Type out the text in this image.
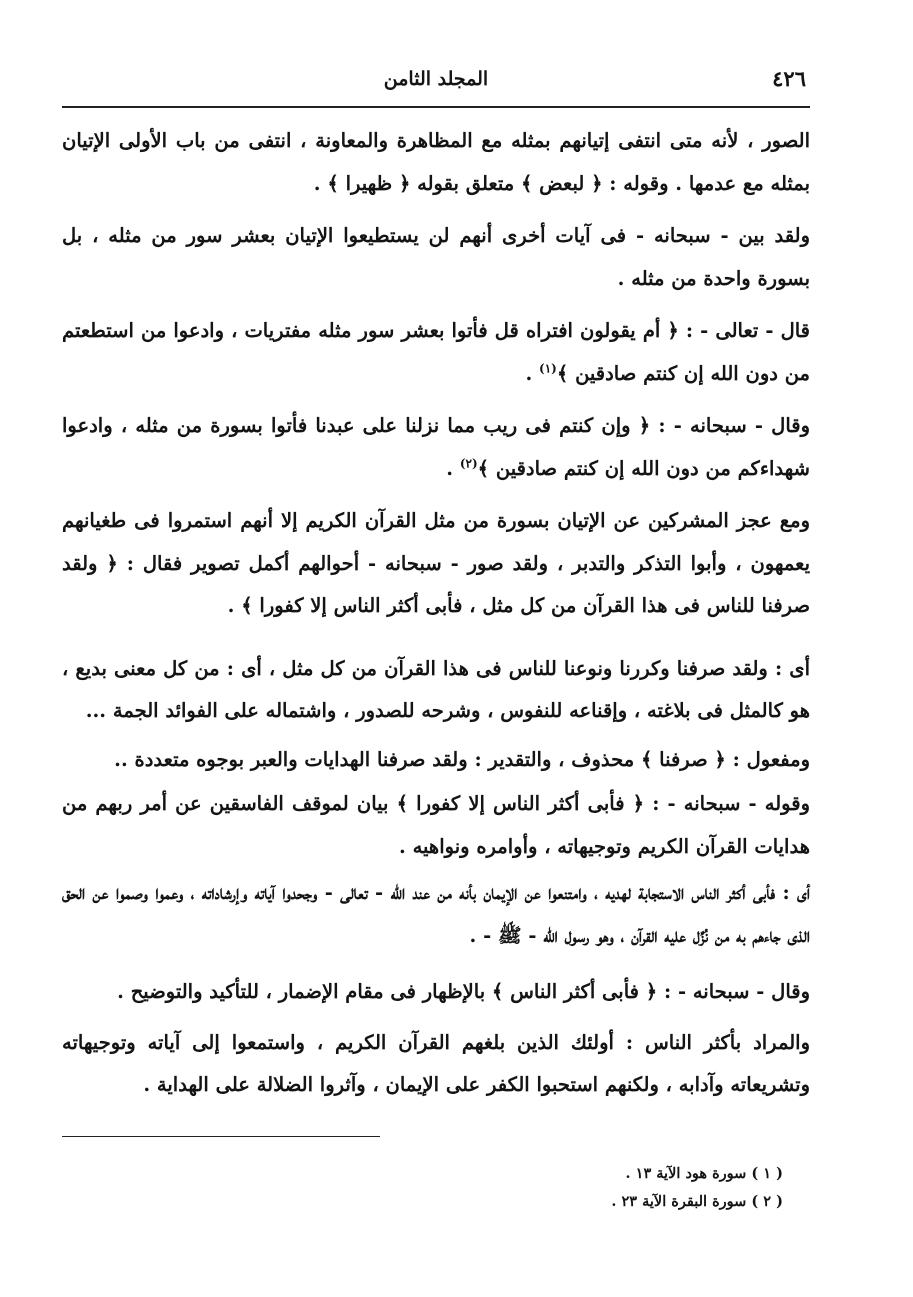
٤٢٦
المجلد الثامن

الصور ، لأنه متى انتفى إتيانهم بمثله مع المظاهرة والمعاونة ، انتفى من باب الأولى الإتيان بمثله مع عدمها . وقوله : ﴿ لبعض ﴾ متعلق بقوله ﴿ ظهيرا ﴾ .

ولقد بين - سبحانه - فى آيات أخرى أنهم لن يستطيعوا الإتيان بعشر سور من مثله ، بل بسورة واحدة من مثله .

قال - تعالى - : ﴿ أم يقولون افتراه قل فأتوا بعشر سور مثله مفتريات ، وادعوا من استطعتم من دون الله إن كنتم صادقين ﴾$^{(١)}$ .

وقال - سبحانه - : ﴿ وإن كنتم فى ريب مما نزلنا على عبدنا فأتوا بسورة من مثله ، وادعوا شهداءكم من دون الله إن كنتم صادقين ﴾$^{(٢)}$ .

ومع عجز المشركين عن الإتيان بسورة من مثل القرآن الكريم إلا أنهم استمروا فى طغيانهم يعمهون ، وأبوا التذكر والتدبر ، ولقد صور - سبحانه - أحوالهم أكمل تصوير فقال : ﴿ ولقد صرفنا للناس فى هذا القرآن من كل مثل ، فأبى أكثر الناس إلا كفورا ﴾ .

أى : ولقد صرفنا وكررنا ونوعنا للناس فى هذا القرآن من كل مثل ، أى : من كل معنى بديع ، هو كالمثل فى بلاغته ، وإقناعه للنفوس ، وشرحه للصدور ، واشتماله على الفوائد الجمة ...

ومفعول : ﴿ صرفنا ﴾ محذوف ، والتقدير : ولقد صرفنا الهدايات والعبر بوجوه متعددة ..

وقوله - سبحانه - : ﴿ فأبى أكثر الناس إلا كفورا ﴾ بيان لموقف الفاسقين عن أمر ربهم من هدايات القرآن الكريم وتوجيهاته ، وأوامره ونواهيه .

أى : فأبى أكثر الناس الاستجابة لهديه ، وامتنعوا عن الإيمان بأنه من عند الله - تعالى - وجحدوا آياته وإرشاداته ، وعموا وصموا عن الحق الذى جاءهم به من نُزِّل عليه القرآن ، وهو رسول الله - ﷺ - .

وقال - سبحانه - : ﴿ فأبى أكثر الناس ﴾ بالإظهار فى مقام الإضمار ، للتأكيد والتوضيح .

والمراد بأكثر الناس : أولئك الذين بلغهم القرآن الكريم ، واستمعوا إلى آياته وتوجيهاته وتشريعاته وآدابه ، ولكنهم استحبوا الكفر على الإيمان ، وآثروا الضلالة على الهداية .

( ١ ) سورة هود الآية ١٣ .
( ٢ ) سورة البقرة الآية ٢٣ .
